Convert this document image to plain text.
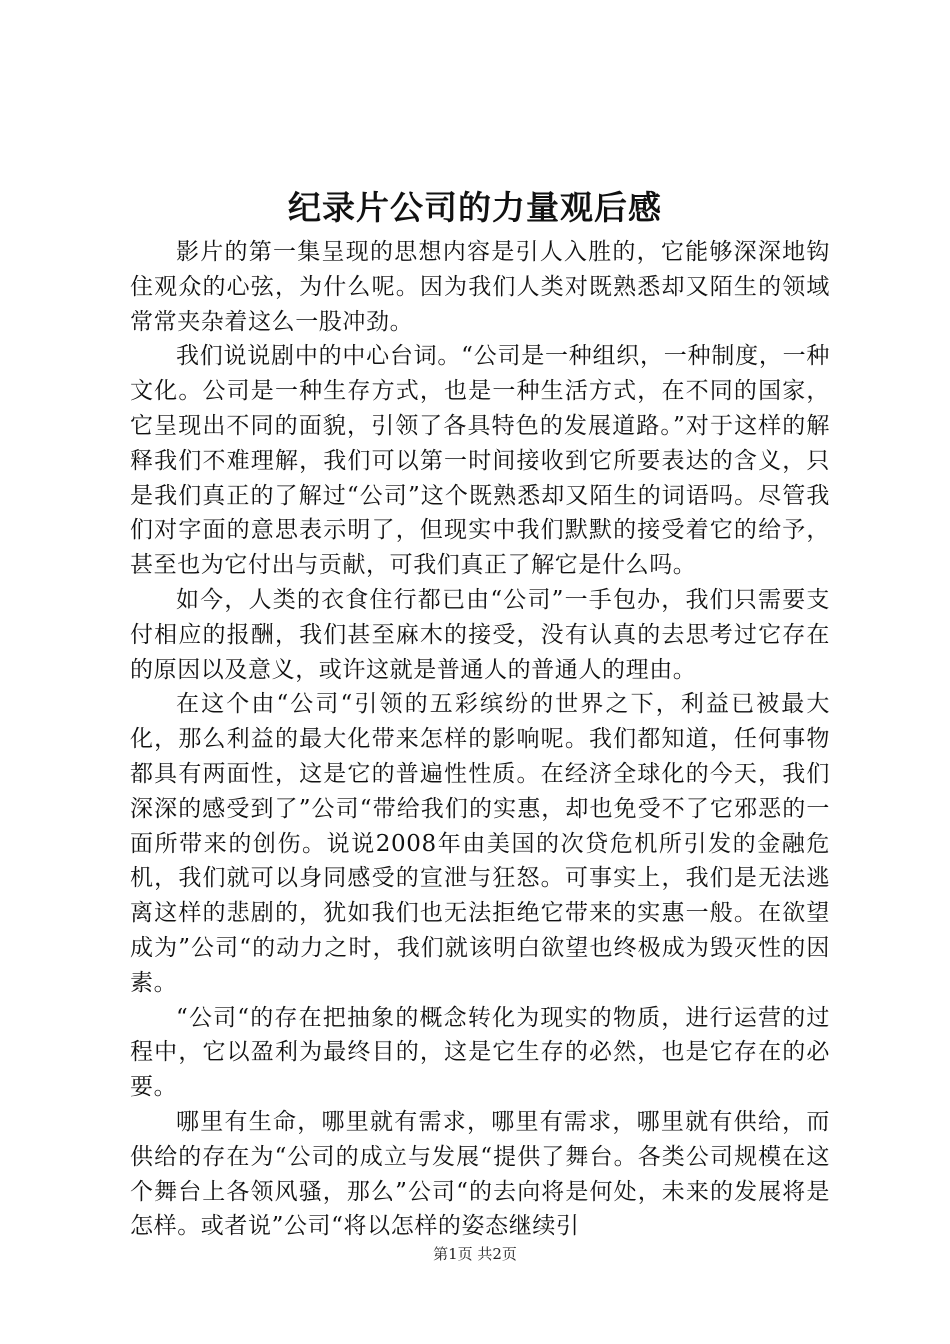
纪录片公司的力量观后感

影片的第一集呈现的思想内容是引人入胜的，它能够深深地钩住观众的心弦，为什么呢。因为我们人类对既熟悉却又陌生的领域常常夹杂着这么一股冲劲。

我们说说剧中的中心台词。“公司是一种组织，一种制度，一种文化。公司是一种生存方式，也是一种生活方式，在不同的国家，它呈现出不同的面貌，引领了各具特色的发展道路。”对于这样的解释我们不难理解，我们可以第一时间接收到它所要表达的含义，只是我们真正的了解过“公司”这个既熟悉却又陌生的词语吗。尽管我们对字面的意思表示明了，但现实中我们默默的接受着它的给予，甚至也为它付出与贡献，可我们真正了解它是什么吗。

如今，人类的衣食住行都已由“公司”一手包办，我们只需要支付相应的报酬，我们甚至麻木的接受，没有认真的去思考过它存在的原因以及意义，或许这就是普通人的普通人的理由。

在这个由“公司“引领的五彩缤纷的世界之下，利益已被最大化，那么利益的最大化带来怎样的影响呢。我们都知道，任何事物都具有两面性，这是它的普遍性性质。在经济全球化的今天，我们深深的感受到了”公司“带给我们的实惠，却也免受不了它邪恶的一面所带来的创伤。说说2008年由美国的次贷危机所引发的金融危机，我们就可以身同感受的宣泄与狂怒。可事实上，我们是无法逃离这样的悲剧的，犹如我们也无法拒绝它带来的实惠一般。在欲望成为”公司“的动力之时，我们就该明白欲望也终极成为毁灭性的因素。

“公司“的存在把抽象的概念转化为现实的物质，进行运营的过程中，它以盈利为最终目的，这是它生存的必然，也是它存在的必要。

哪里有生命，哪里就有需求，哪里有需求，哪里就有供给，而供给的存在为“公司的成立与发展“提供了舞台。各类公司规模在这个舞台上各领风骚，那么”公司“的去向将是何处，未来的发展将是怎样。或者说”公司“将以怎样的姿态继续引

第1页 共2页
